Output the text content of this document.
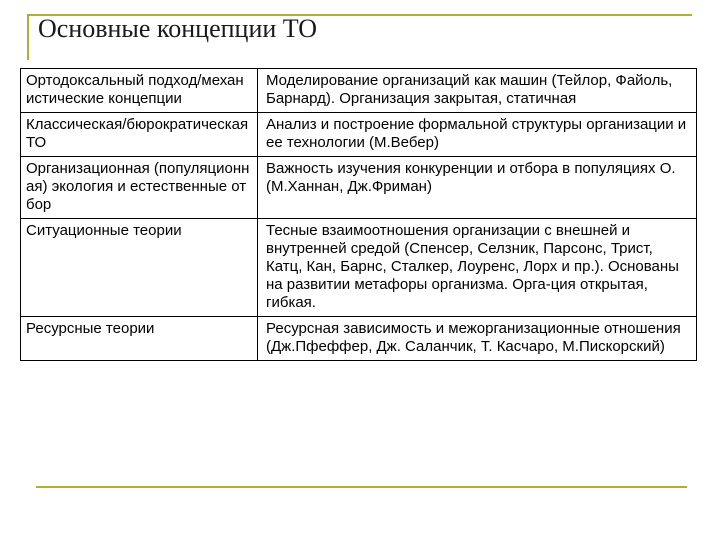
Основные концепции ТО
Ортодоксальный подход/механистические концепции	Моделирование организаций как машин (Тейлор, Файоль, Барнард). Организация закрытая, статичная
Классическая/бюрократическая ТО	Анализ и построение формальной структуры организации и ее технологии (М.Вебер)
Организационная (популяционная) экология и естественные отбор	Важность изучения конкуренции и отбора в популяциях О.(М.Ханнан, Дж.Фриман)
Ситуационные теории	Тесные взаимоотношения организации с внешней и внутренней средой (Спенсер, Селзник, Парсонс, Трист, Катц, Кан, Барнс, Сталкер, Лоуренс, Лорх и пр.). Основаны на развитии метафоры организма. Орга-ция открытая, гибкая.
Ресурсные теории	Ресурсная зависимость и межорганизационные отношения (Дж.Пфеффер, Дж. Саланчик, Т. Касчаро, М.Пискорский)
